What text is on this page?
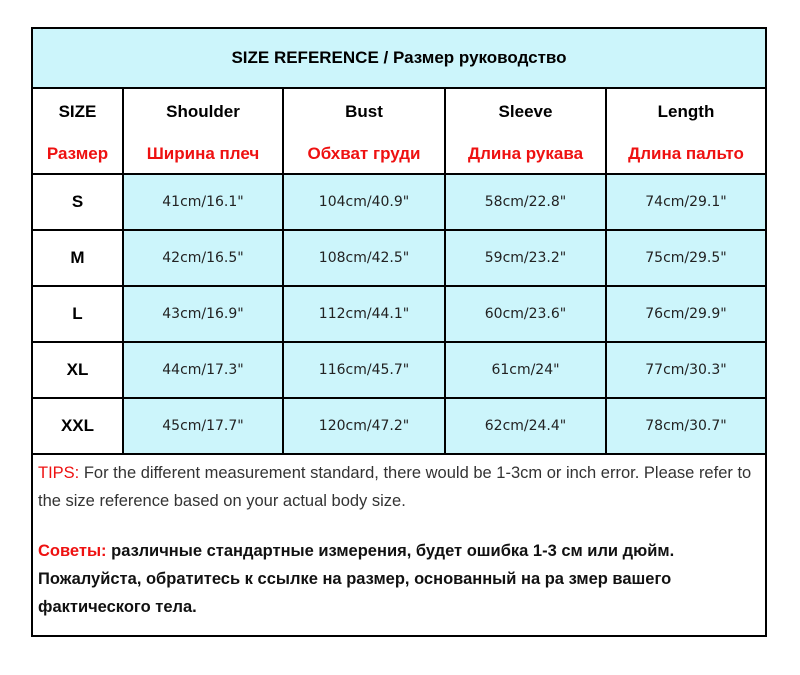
SIZE REFERENCE / Размер руководство
SIZE	Shoulder	Bust	Sleeve	Length
Размер	Ширина плеч	Обхват груди	Длина рукава	Длина пальто
S	41cm/16.1"	104cm/40.9"	58cm/22.8"	74cm/29.1"
M	42cm/16.5"	108cm/42.5"	59cm/23.2"	75cm/29.5"
L	43cm/16.9"	112cm/44.1"	60cm/23.6"	76cm/29.9"
XL	44cm/17.3"	116cm/45.7"	61cm/24"	77cm/30.3"
XXL	45cm/17.7"	120cm/47.2"	62cm/24.4"	78cm/30.7"

TIPS: For the different measurement standard, there would be 1-3cm or inch error. Please refer to the size reference based on your actual body size.

Советы: различные стандартные измерения, будет ошибка 1-3 см или дюйм. Пожалуйста, обратитесь к ссылке на размер, основанный на ра змер вашего фактического тела.
